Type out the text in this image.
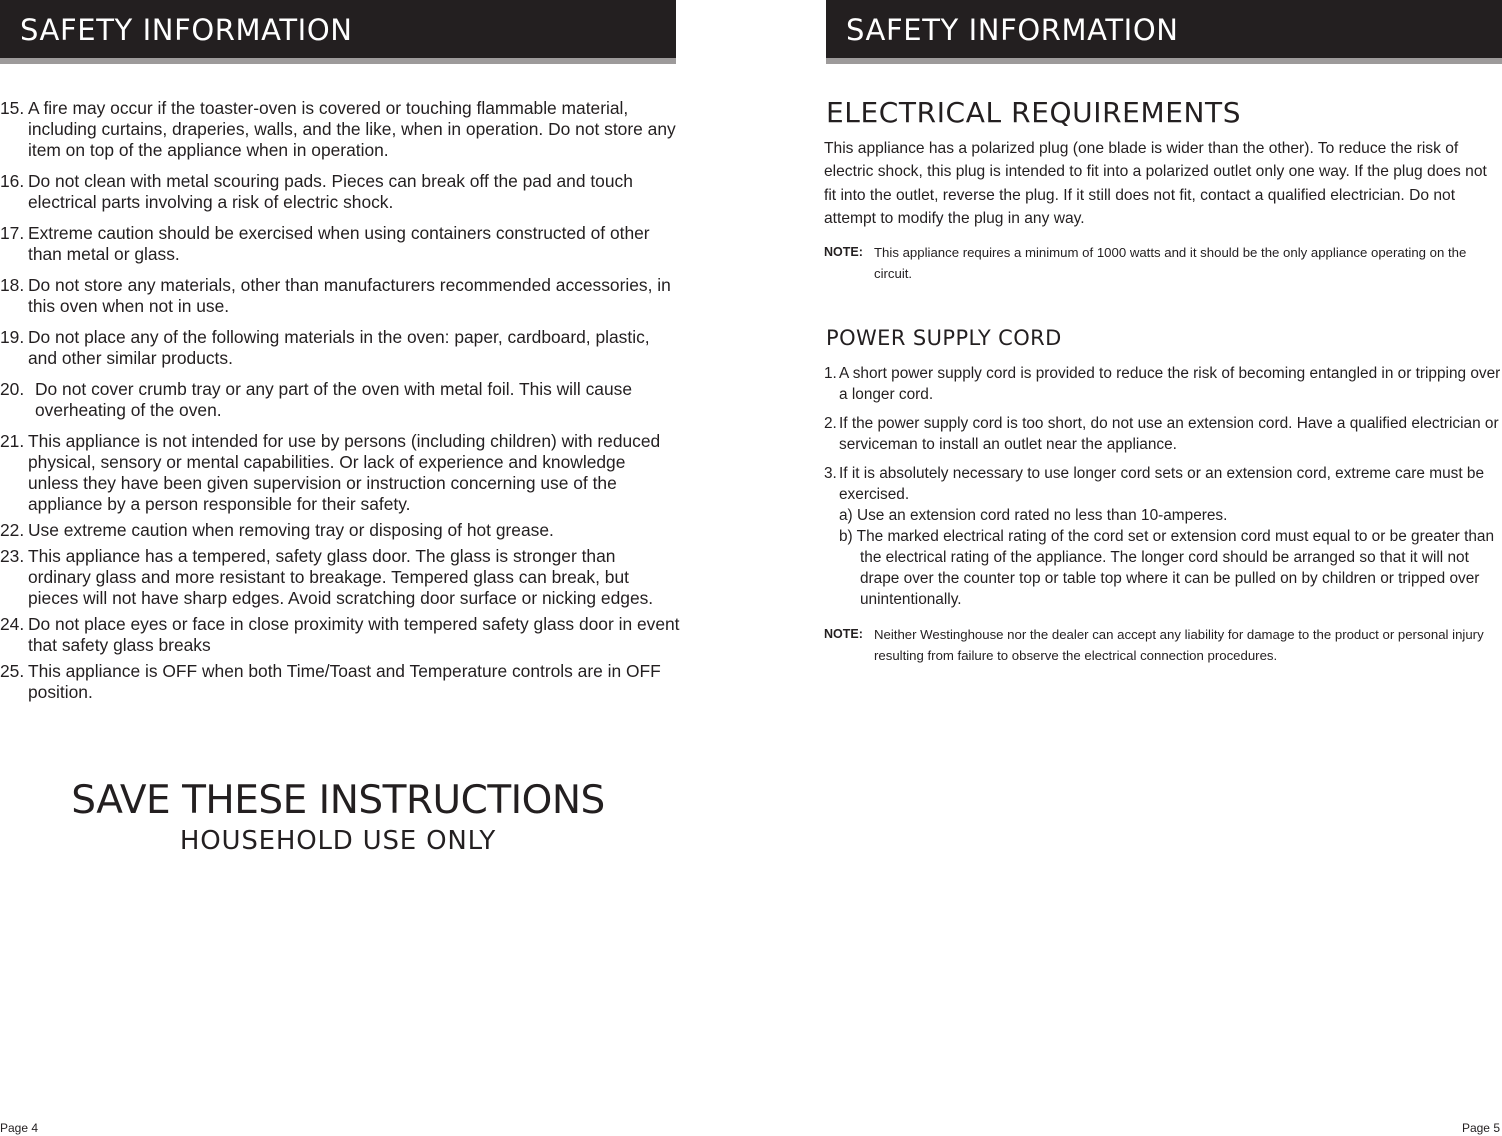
SAFETY INFORMATION
15. A fire may occur if the toaster-oven is covered or touching flammable material, including curtains, draperies, walls, and the like, when in operation. Do not store any item on top of the appliance when in operation.
16. Do not clean with metal scouring pads. Pieces can break off the pad and touch electrical parts involving a risk of electric shock.
17. Extreme caution should be exercised when using containers constructed of other than metal or glass.
18. Do not store any materials, other than manufacturers recommended accessories, in this oven when not in use.
19. Do not place any of the following materials in the oven: paper, cardboard, plastic, and other similar products.
20. Do not cover crumb tray or any part of the oven with metal foil. This will cause overheating of the oven.
21. This appliance is not intended for use by persons (including children) with reduced physical, sensory or mental capabilities. Or lack of experience and knowledge unless they have been given supervision or instruction concerning use of the appliance by a person responsible for their safety.
22. Use extreme caution when removing tray or disposing of hot grease.
23. This appliance has a tempered, safety glass door. The glass is stronger than ordinary glass and more resistant to breakage. Tempered glass can break, but pieces will not have sharp edges. Avoid scratching door surface or nicking edges.
24. Do not place eyes or face in close proximity with tempered safety glass door in event that safety glass breaks
25. This appliance is OFF when both Time/Toast and Temperature controls are in OFF position.
SAVE THESE INSTRUCTIONS
HOUSEHOLD USE ONLY
Page 4
SAFETY INFORMATION
ELECTRICAL REQUIREMENTS

This appliance has a polarized plug (one blade is wider than the other). To reduce the risk of electric shock, this plug is intended to fit into a polarized outlet only one way. If the plug does not fit into the outlet, reverse the plug. If it still does not fit, contact a qualified electrician. Do not attempt to modify the plug in any way.

NOTE: This appliance requires a minimum of 1000 watts and it should be the only appliance operating on the circuit.
POWER SUPPLY CORD
1. A short power supply cord is provided to reduce the risk of becoming entangled in or tripping over a longer cord.
2. If the power supply cord is too short, do not use an extension cord. Have a qualified electrician or serviceman to install an outlet near the appliance.
3. If it is absolutely necessary to use longer cord sets or an extension cord, extreme care must be exercised.
a) Use an extension cord rated no less than 10-amperes.
b) The marked electrical rating of the cord set or extension cord must equal to or be greater than the electrical rating of the appliance. The longer cord should be arranged so that it will not drape over the counter top or table top where it can be pulled on by children or tripped over unintentionally.
NOTE: Neither Westinghouse nor the dealer can accept any liability for damage to the product or personal injury resulting from failure to observe the electrical connection procedures.
Page 5
